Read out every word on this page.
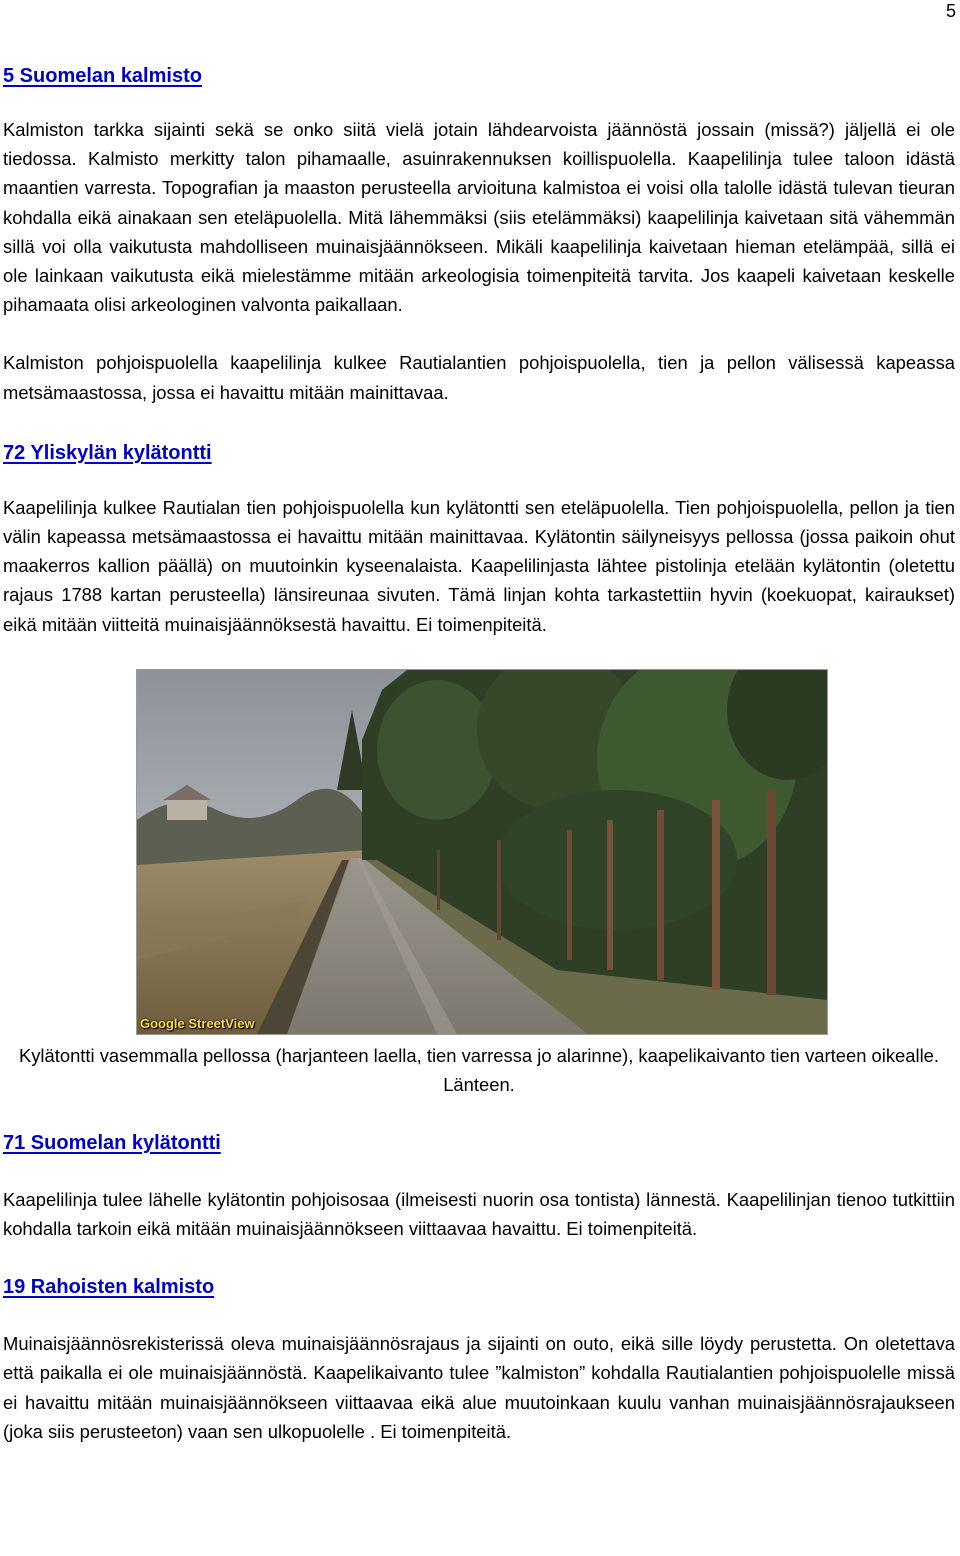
5
5 Suomelan kalmisto

Kalmiston tarkka sijainti sekä se onko siitä vielä jotain lähdearvoista jäännöstä jossain (missä?) jäljellä ei ole tiedossa. Kalmisto merkitty talon pihamaalle, asuinrakennuksen koillispuolella. Kaapelilinja tulee taloon idästä maantien varresta. Topografian ja maaston perusteella arvioituna kalmistoa ei voisi olla talolle idästä tulevan tieuran kohdalla eikä ainakaan sen eteläpuolella. Mitä lähemmäksi (siis etelämmäksi) kaapelilinja kaivetaan sitä vähemmän sillä voi olla vaikutusta mahdolliseen muinaisjäännökseen. Mikäli kaapelilinja kaivetaan hieman etelämpää, sillä ei ole lainkaan vaikutusta eikä mielestämme mitään arkeologisia toimenpiteitä tarvita. Jos kaapeli kaivetaan keskelle pihamaata olisi arkeologinen valvonta paikallaan.

Kalmiston pohjoispuolella kaapelilinja kulkee Rautialantien pohjoispuolella, tien ja pellon välisessä kapeassa metsämaastossa, jossa ei havaittu mitään mainittavaa.

72 Yliskylän kylätontti

Kaapelilinja kulkee Rautialan tien pohjoispuolella kun kylätontti sen eteläpuolella. Tien pohjoispuolella, pellon ja tien välin kapeassa metsämaastossa ei havaittu mitään mainittavaa. Kylätontin säilyneisyys pellossa (jossa paikoin ohut maakerros kallion päällä) on muutoinkin kyseenalaista. Kaapelilinjasta lähtee pistolinja etelään kylätontin (oletettu rajaus 1788 kartan perusteella) länsireunaa sivuten. Tämä linjan kohta tarkastettiin hyvin (koekuopat, kairaukset) eikä mitään viitteitä muinaisjäännöksestä havaittu. Ei toimenpiteitä.

Google StreetView

Kylätontti vasemmalla pellossa (harjanteen laella, tien varressa jo alarinne), kaapelikaivanto tien varteen oikealle. Länteen.

71 Suomelan kylätontti

Kaapelilinja tulee lähelle kylätontin pohjoisosaa (ilmeisesti nuorin osa tontista) lännestä. Kaapelilinjan tienoo tutkittiin kohdalla tarkoin eikä mitään muinaisjäännökseen viittaavaa havaittu. Ei toimenpiteitä.

19 Rahoisten kalmisto

Muinaisjäännösrekisterissä oleva muinaisjäännösrajaus ja sijainti on outo, eikä sille löydy perustetta. On oletettava että paikalla ei ole muinaisjäännöstä. Kaapelikaivanto tulee ”kalmiston” kohdalla Rautialantien pohjoispuolelle missä ei havaittu mitään muinaisjäännökseen viittaavaa eikä alue muutoinkaan kuulu vanhan muinaisjäännösrajaukseen (joka siis perusteeton) vaan sen ulkopuolelle . Ei toimenpiteitä.
